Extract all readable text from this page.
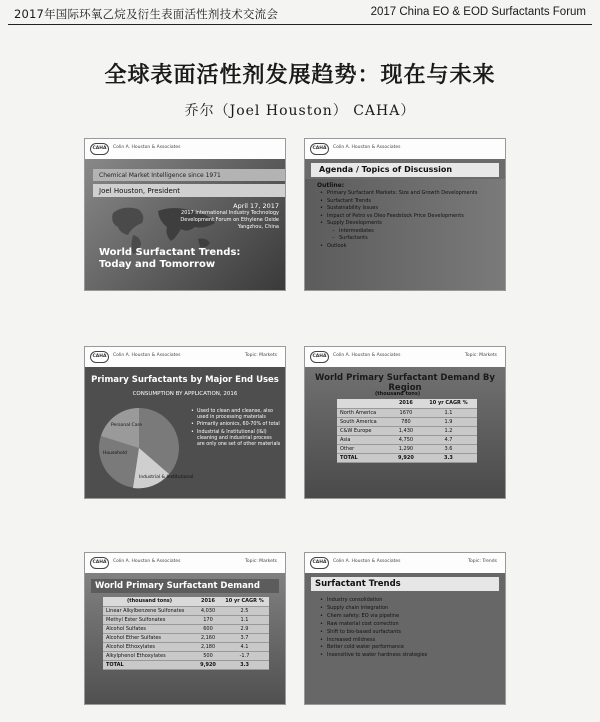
2017年国际环氧乙烷及衍生表面活性剂技术交流会	2017 China EO & EOD Surfactants Forum
全球表面活性剂发展趋势：现在与未来
乔尔（Joel Houston） CAHA）
CAHA	Colin A. Houston & Associates
Chemical Market Intelligence since 1971
Joel Houston, President
April 17, 2017
2017 International Industry Technology
Development Forum on Ethylene Oxide
Yangzhou, China
World Surfactant Trends:
Today and Tomorrow
CAHA	Colin A. Houston & Associates
Agenda / Topics of Discussion
Outline:
• Primary Surfactant Markets: Size and Growth Developments
• Surfactant Trends
• Sustainability Issues
• Impact of Petro vs Oleo Feedstock Price Developments
• Supply Developments
– Intermediates
– Surfactants
• Outlook
CAHA	Colin A. Houston & Associates	Topic: Markets
Primary Surfactants by Major End Uses
CONSUMPTION BY APPLICATION, 2016
Personal Care
Household
Industrial & Institutional
• Used to clean and cleanse, also used in processing materials
• Primarily anionics, 60-70% of total
• Industrial & Institutional (I&I) cleaning and industrial process are only one set of other materials
CAHA	Colin A. Houston & Associates	Topic: Markets
World Primary Surfactant Demand By Region
(thousand tons)
	2016	10 yr CAGR %
North America	1670	1.1
South America	780	1.9
C&W Europe	1,430	1.2
Asia	4,750	4.7
Other	1,290	3.6
TOTAL	9,920	3.3
CAHA	Colin A. Houston & Associates	Topic: Markets
World Primary Surfactant Demand
(thousand tons)	2016	10 yr CAGR %
Linear Alkylbenzene Sulfonates	4,030	2.5
Methyl Ester Sulfonates	170	1.1
Alcohol Sulfates	600	2.9
Alcohol Ether Sulfates	2,160	3.7
Alcohol Ethoxylates	2,180	4.1
Alkylphenol Ethoxylates	500	-1.7
TOTAL	9,920	3.3
CAHA	Colin A. Houston & Associates	Topic: Trends
Surfactant Trends
• Industry consolidation
• Supply chain integration
• Chem safety: EO via pipeline
• Raw material cost correction
• Shift to bio-based surfactants
• Increased mildness
• Better cold water performance
• Insensitive to water hardness strategies
